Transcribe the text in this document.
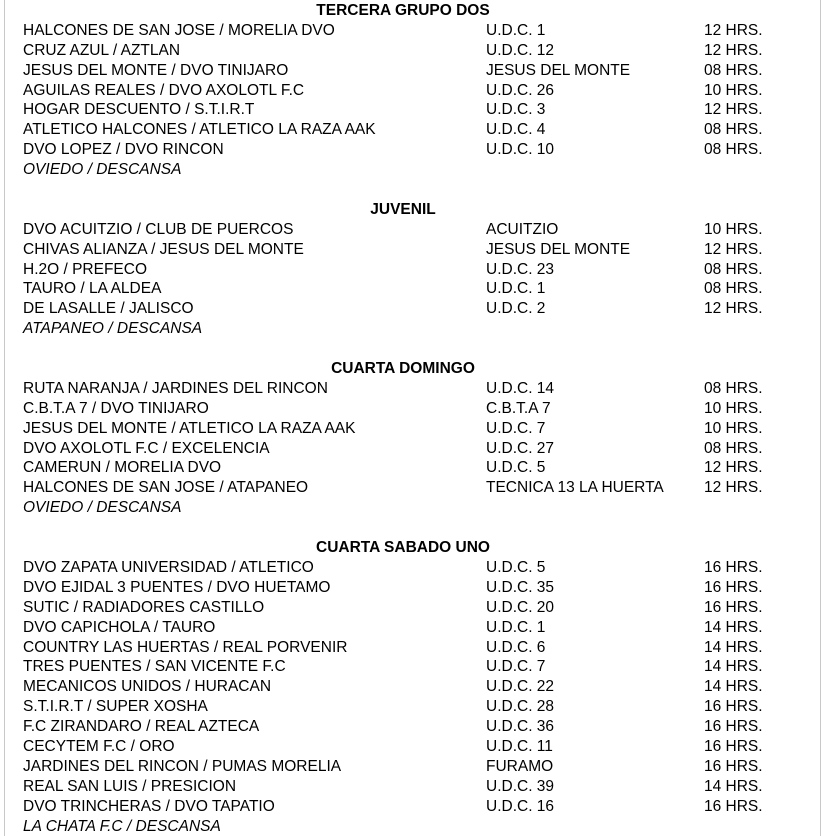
TERCERA GRUPO DOS
HALCONES DE SAN JOSE / MORELIA DVO	U.D.C. 1	12 HRS.
CRUZ AZUL / AZTLAN	U.D.C. 12	12 HRS.
JESUS DEL MONTE / DVO TINIJARO	JESUS DEL MONTE	08 HRS.
AGUILAS REALES / DVO AXOLOTL F.C	U.D.C. 26	10 HRS.
HOGAR DESCUENTO / S.T.I.R.T	U.D.C. 3	12 HRS.
ATLETICO HALCONES / ATLETICO LA RAZA AAK	U.D.C. 4	08 HRS.
DVO LOPEZ / DVO RINCON	U.D.C. 10	08 HRS.
OVIEDO / DESCANSA
JUVENIL
DVO ACUITZIO / CLUB DE PUERCOS	ACUITZIO	10 HRS.
CHIVAS ALIANZA / JESUS DEL MONTE	JESUS DEL MONTE	12 HRS.
H.2O / PREFECO	U.D.C. 23	08 HRS.
TAURO / LA ALDEA	U.D.C. 1	08 HRS.
DE LASALLE / JALISCO	U.D.C. 2	12 HRS.
ATAPANEO / DESCANSA
CUARTA DOMINGO
RUTA NARANJA / JARDINES DEL RINCON	U.D.C. 14	08 HRS.
C.B.T.A 7 / DVO TINIJARO	C.B.T.A 7	10 HRS.
JESUS DEL MONTE / ATLETICO LA RAZA AAK	U.D.C. 7	10 HRS.
DVO AXOLOTL F.C / EXCELENCIA	U.D.C. 27	08 HRS.
CAMERUN / MORELIA DVO	U.D.C. 5	12 HRS.
HALCONES DE SAN JOSE / ATAPANEO	TECNICA 13 LA HUERTA	12 HRS.
OVIEDO / DESCANSA
CUARTA SABADO UNO
DVO ZAPATA UNIVERSIDAD / ATLETICO	U.D.C. 5	16 HRS.
DVO EJIDAL 3 PUENTES / DVO HUETAMO	U.D.C. 35	16 HRS.
SUTIC / RADIADORES CASTILLO	U.D.C. 20	16 HRS.
DVO CAPICHOLA / TAURO	U.D.C. 1	14 HRS.
COUNTRY LAS HUERTAS / REAL PORVENIR	U.D.C. 6	14 HRS.
TRES PUENTES / SAN VICENTE F.C	U.D.C. 7	14 HRS.
MECANICOS UNIDOS / HURACAN	U.D.C. 22	14 HRS.
S.T.I.R.T / SUPER XOSHA	U.D.C. 28	16 HRS.
F.C ZIRANDARO / REAL AZTECA	U.D.C. 36	16 HRS.
CECYTEM F.C / ORO	U.D.C. 11	16 HRS.
JARDINES DEL RINCON / PUMAS MORELIA	FURAMO	16 HRS.
REAL SAN LUIS / PRESICION	U.D.C. 39	14 HRS.
DVO TRINCHERAS / DVO TAPATIO	U.D.C. 16	16 HRS.
LA CHATA F.C / DESCANSA
